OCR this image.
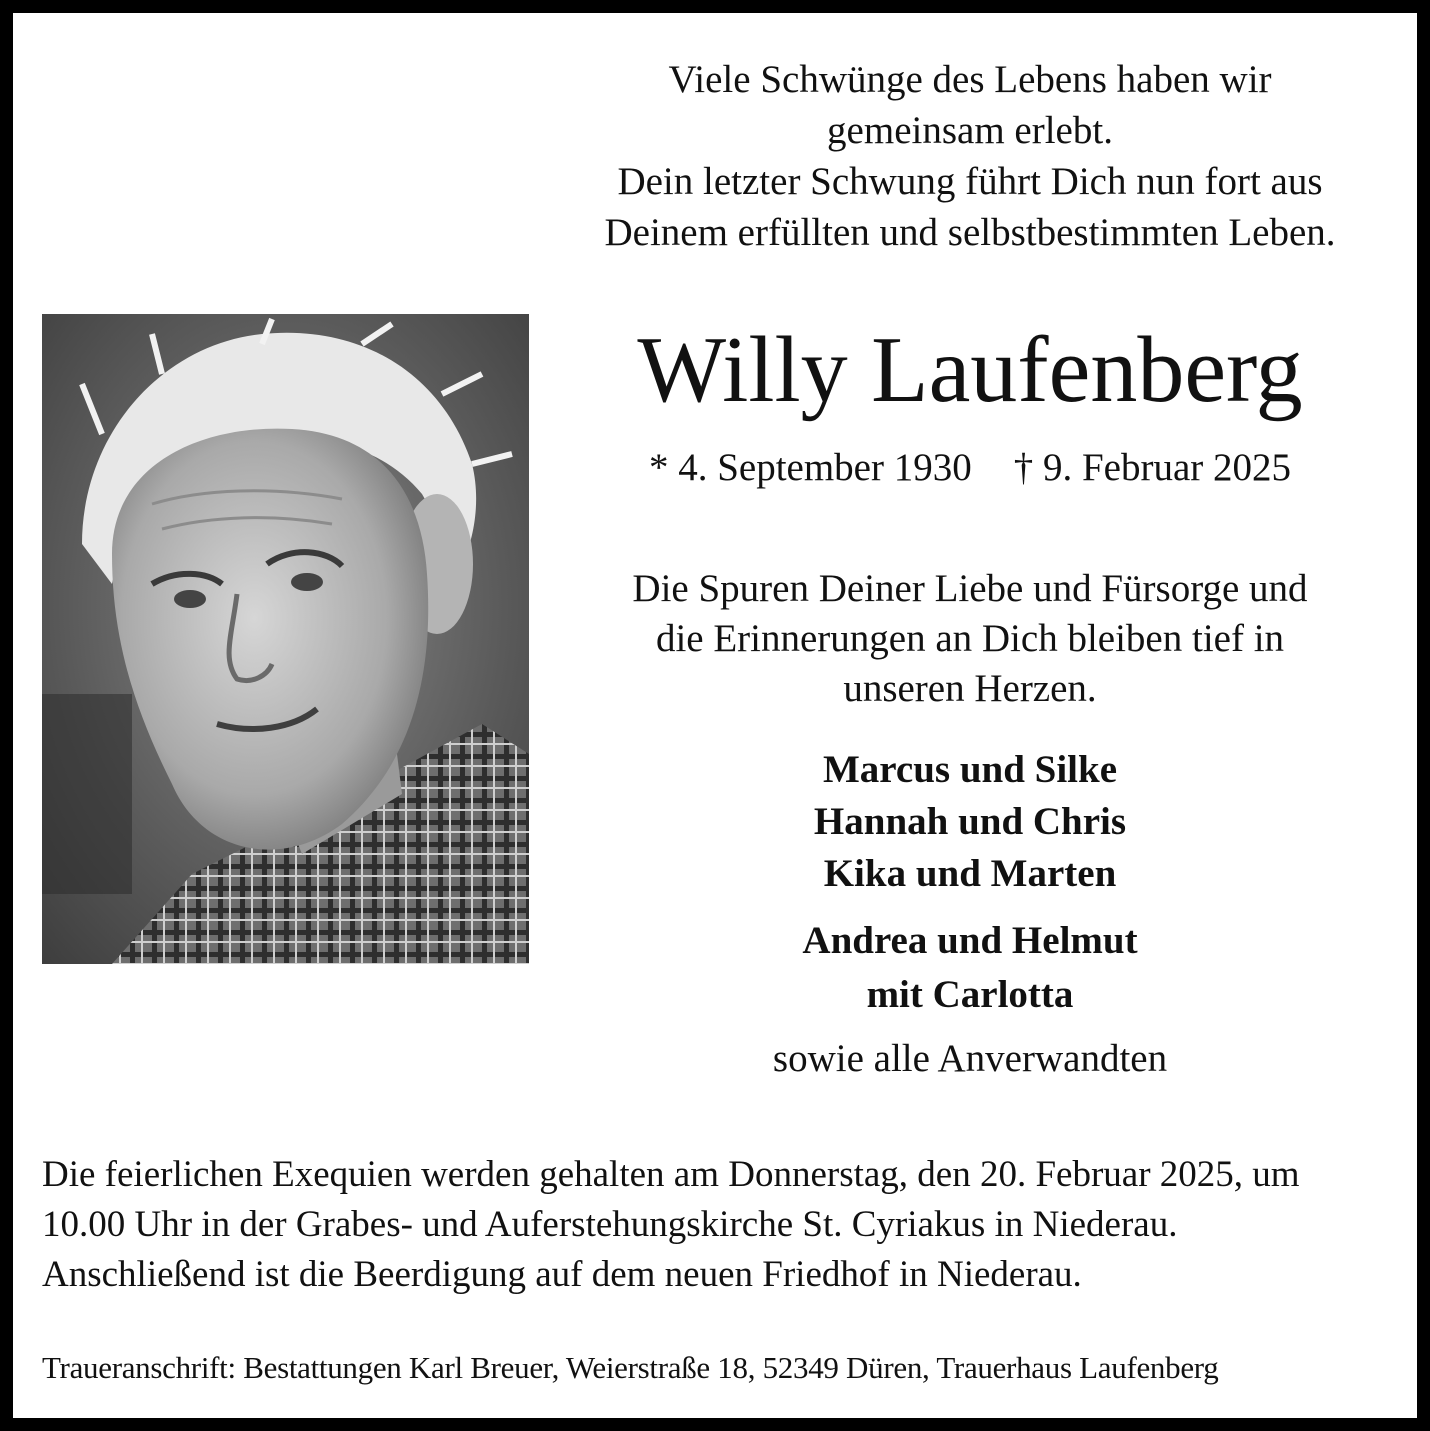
Viele Schwünge des Lebens haben wir
gemeinsam erlebt.
Dein letzter Schwung führt Dich nun fort aus
Deinem erfüllten und selbstbestimmten Leben.
Willy Laufenberg
* 4. September 1930 † 9. Februar 2025
Die Spuren Deiner Liebe und Fürsorge und
die Erinnerungen an Dich bleiben tief in
unseren Herzen.
Marcus und Silke
Hannah und Chris
Kika und Marten
Andrea und Helmut
mit Carlotta
sowie alle Anverwandten
Die feierlichen Exequien werden gehalten am Donnerstag, den 20. Februar 2025, um
10.00 Uhr in der Grabes- und Auferstehungskirche St. Cyriakus in Niederau.
Anschließend ist die Beerdigung auf dem neuen Friedhof in Niederau.
Traueranschrift: Bestattungen Karl Breuer, Weierstraße 18, 52349 Düren, Trauerhaus Laufenberg
